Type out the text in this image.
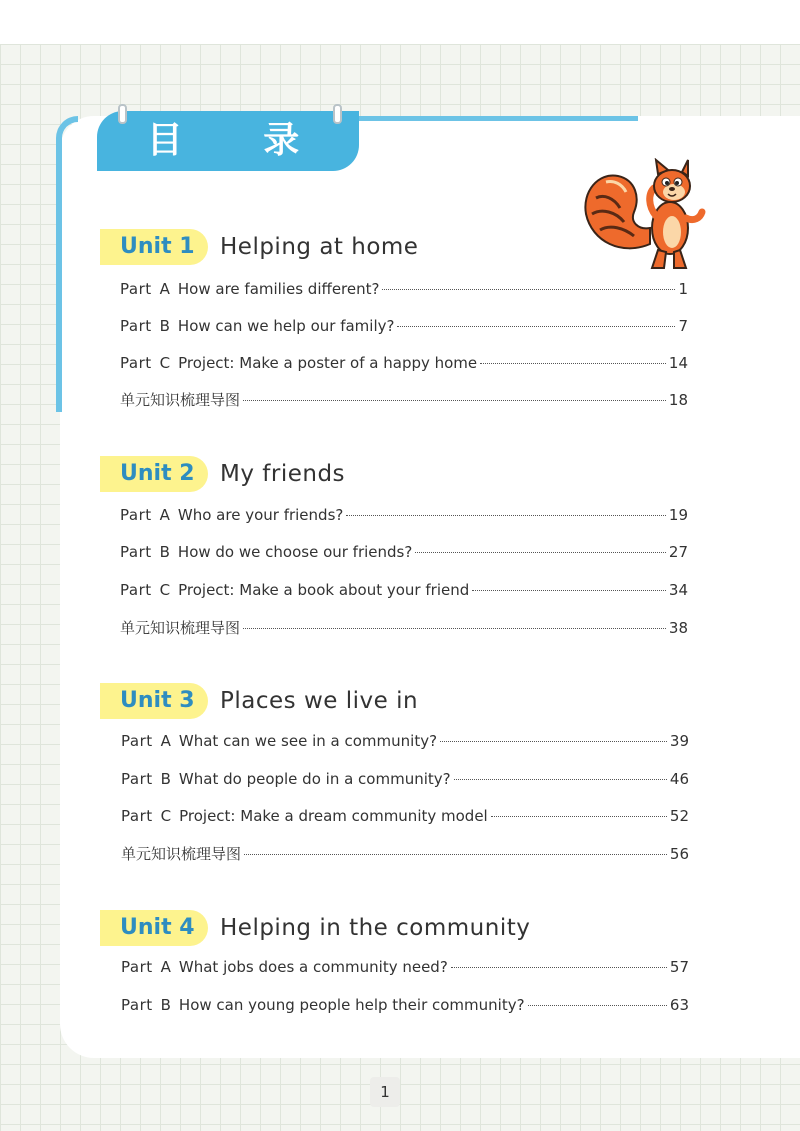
目 录
Unit 1	Helping at home
Unit 2	My friends
Unit 3	Places we live in
Unit 4	Helping in the community
Part A How are families different?	1
Part B How can we help our family?	7
Part C Project: Make a poster of a happy home	14
单元知识梳理导图	18
Part A Who are your friends?	19
Part B How do we choose our friends?	27
Part C Project: Make a book about your friend	34
单元知识梳理导图	38
Part A What can we see in a community?	39
Part B What do people do in a community?	46
Part C Project: Make a dream community model	52
单元知识梳理导图	56
Part A What jobs does a community need?	57
Part B How can young people help their community?	63
1
